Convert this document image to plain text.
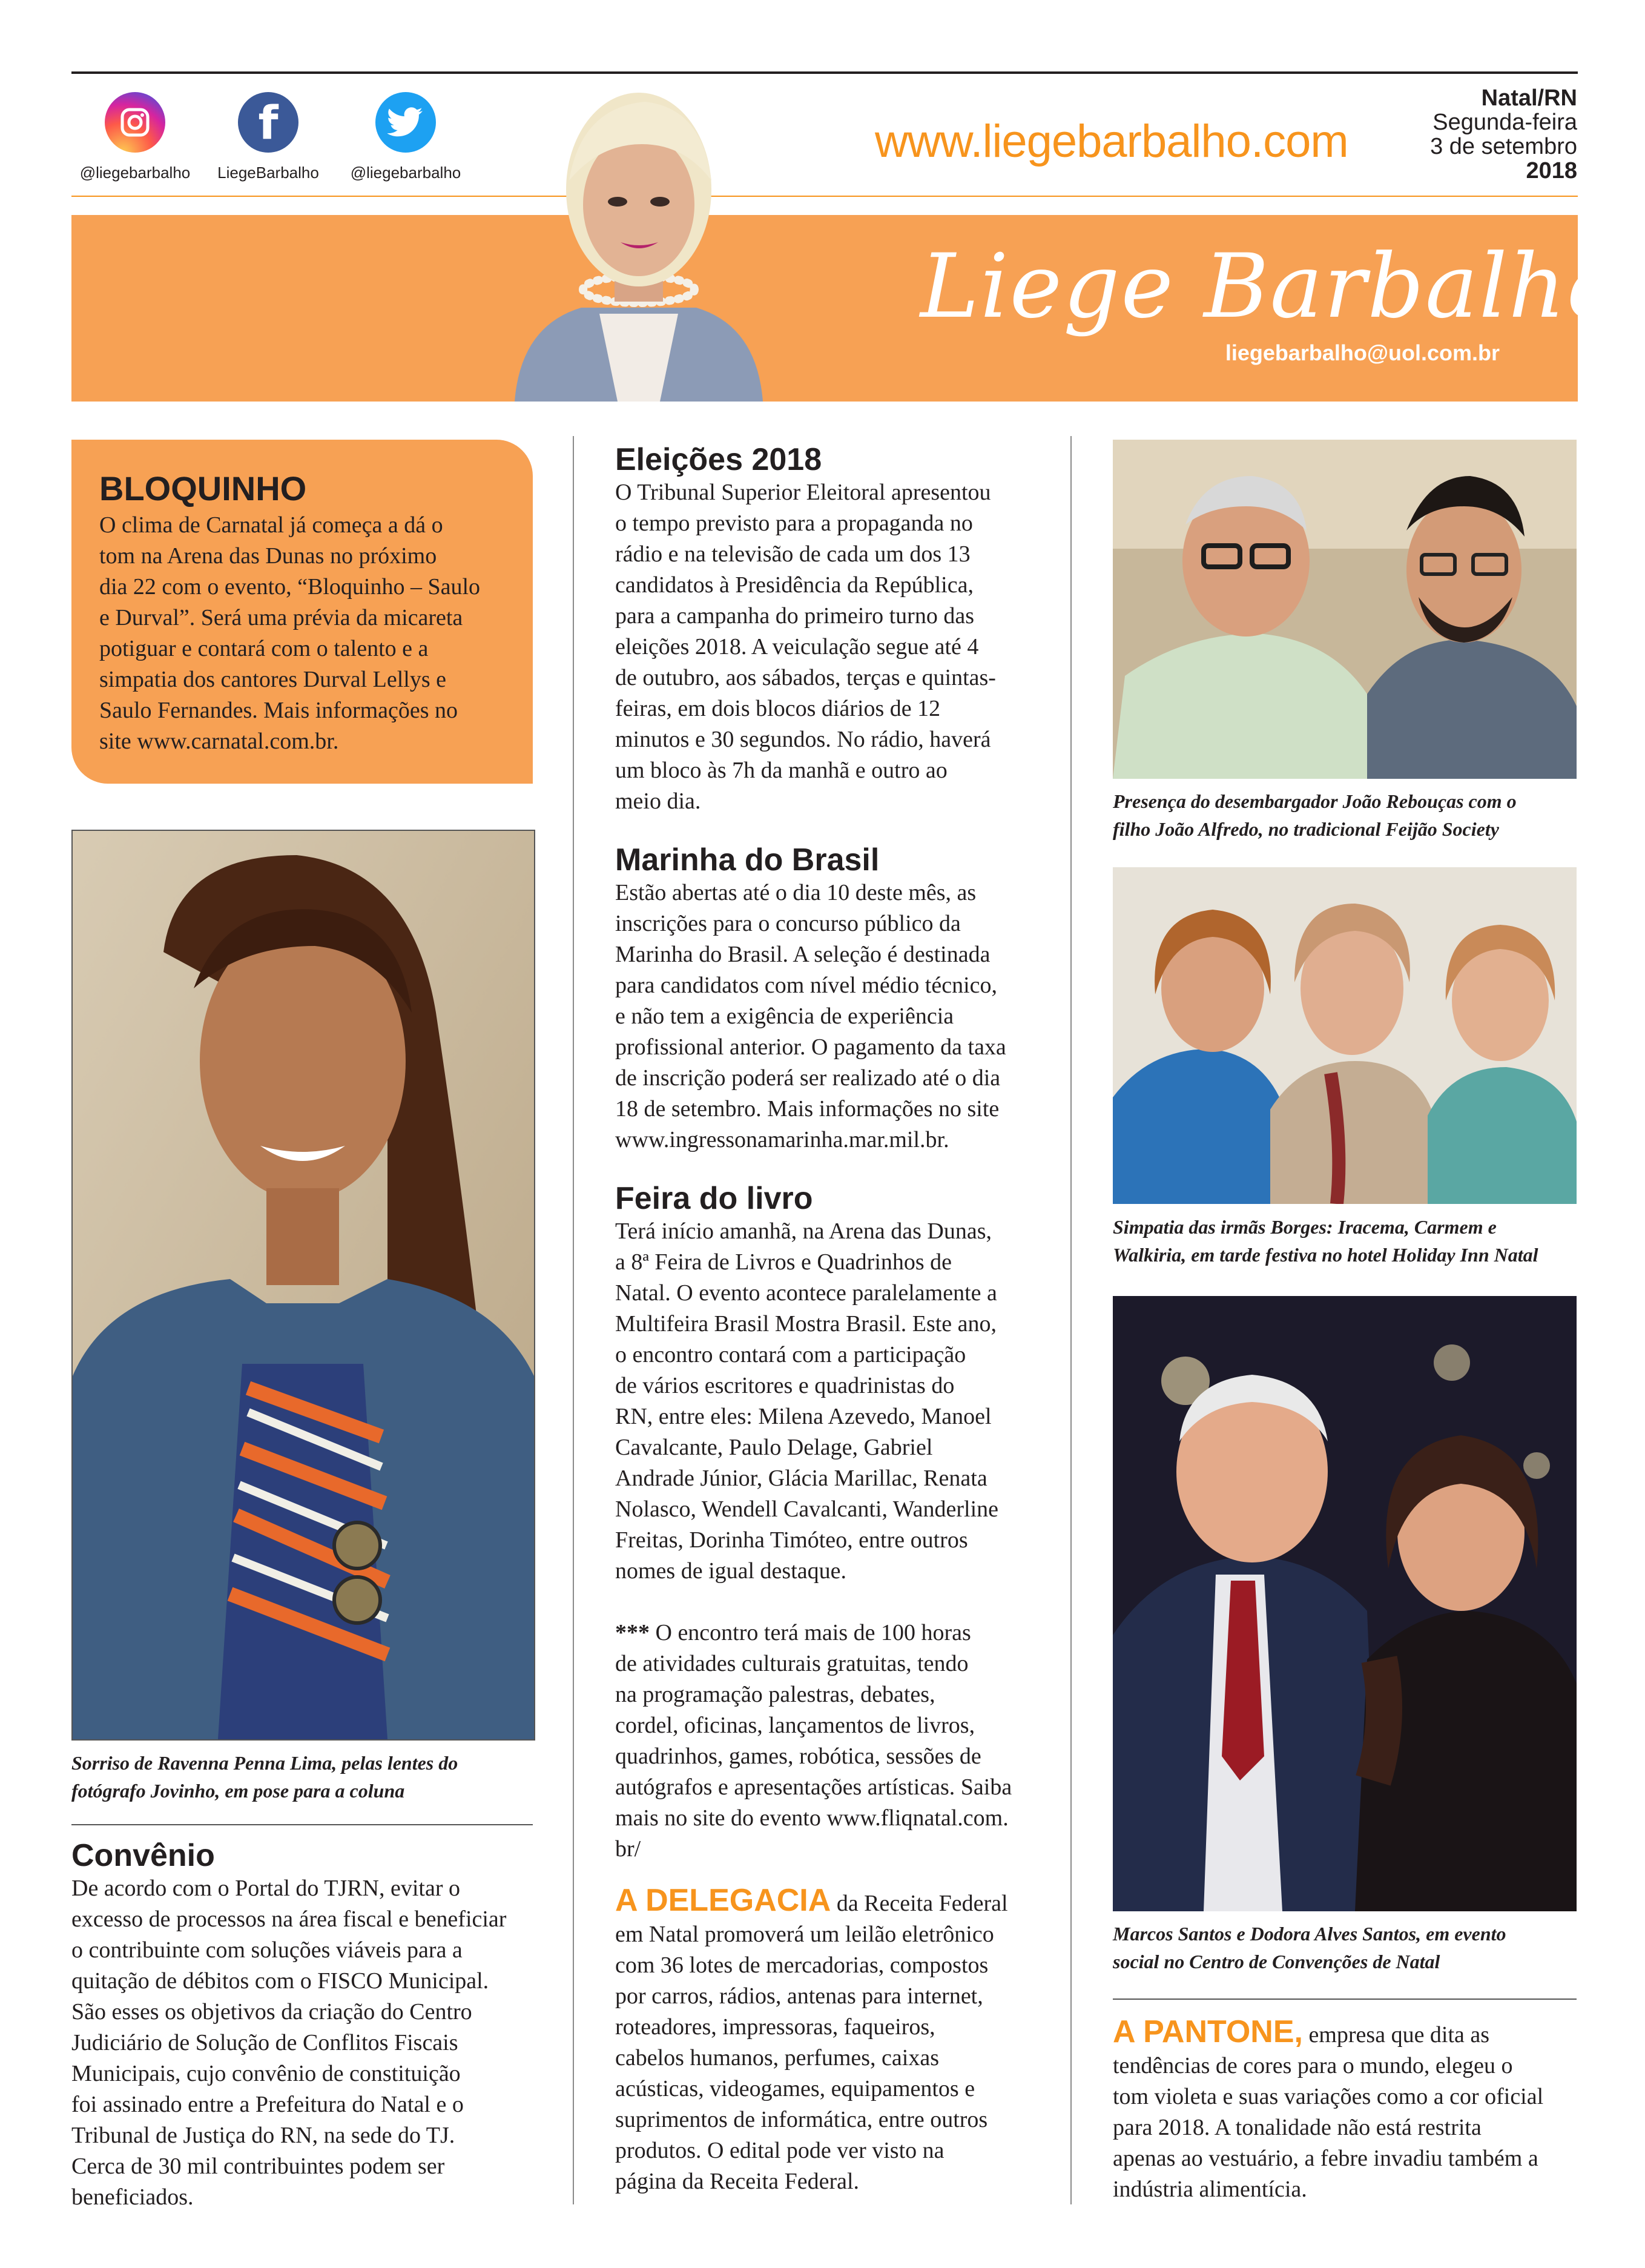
@liegebarbalho
f
LiegeBarbalho	@liegebarbalho
www.liegebarbalho.com
Natal/RN
Segunda-feira
3 de setembro
2018
Liege Barbalho
liegebarbalho@uol.com.br
BLOQUINHO
O clima de Carnatal já começa a dá o
tom na Arena das Dunas no próximo
dia 22 com o evento, “Bloquinho – Saulo
e Durval”. Será uma prévia da micareta
potiguar e contará com o talento e a
simpatia dos cantores Durval Lellys e
Saulo Fernandes. Mais informações no
site www.carnatal.com.br.
Sorriso de Ravenna Penna Lima, pelas lentes do
fotógrafo Jovinho, em pose para a coluna
Convênio
De acordo com o Portal do TJRN, evitar o
excesso de processos na área fiscal e beneficiar
o contribuinte com soluções viáveis para a
quitação de débitos com o FISCO Municipal.
São esses os objetivos da criação do Centro
Judiciário de Solução de Conflitos Fiscais
Municipais, cujo convênio de constituição
foi assinado entre a Prefeitura do Natal e o
Tribunal de Justiça do RN, na sede do TJ.
Cerca de 30 mil contribuintes podem ser
beneficiados.
Eleições 2018
O Tribunal Superior Eleitoral apresentou
o tempo previsto para a propaganda no
rádio e na televisão de cada um dos 13
candidatos à Presidência da República,
para a campanha do primeiro turno das
eleições 2018. A veiculação segue até 4
de outubro, aos sábados, terças e quintas-
feiras, em dois blocos diários de 12
minutos e 30 segundos. No rádio, haverá
um bloco às 7h da manhã e outro ao
meio dia.
Marinha do Brasil
Estão abertas até o dia 10 deste mês, as
inscrições para o concurso público da
Marinha do Brasil. A seleção é destinada
para candidatos com nível médio técnico,
e não tem a exigência de experiência
profissional anterior. O pagamento da taxa
de inscrição poderá ser realizado até o dia
18 de setembro. Mais informações no site
www.ingressonamarinha.mar.mil.br.
Feira do livro
Terá início amanhã, na Arena das Dunas,
a 8ª Feira de Livros e Quadrinhos de
Natal. O evento acontece paralelamente a
Multifeira Brasil Mostra Brasil. Este ano,
o encontro contará com a participação
de vários escritores e quadrinistas do
RN, entre eles: Milena Azevedo, Manoel
Cavalcante, Paulo Delage, Gabriel
Andrade Júnior, Glácia Marillac, Renata
Nolasco, Wendell Cavalcanti, Wanderline
Freitas, Dorinha Timóteo, entre outros
nomes de igual destaque.
*** O encontro terá mais de 100 horas
de atividades culturais gratuitas, tendo
na programação palestras, debates,
cordel, oficinas, lançamentos de livros,
quadrinhos, games, robótica, sessões de
autógrafos e apresentações artísticas. Saiba
mais no site do evento www.fliqnatal.com.
br/
A DELEGACIA da Receita Federal
em Natal promoverá um leilão eletrônico
com 36 lotes de mercadorias, compostos
por carros, rádios, antenas para internet,
roteadores, impressoras, faqueiros,
cabelos humanos, perfumes, caixas
acústicas, videogames, equipamentos e
suprimentos de informática, entre outros
produtos. O edital pode ver visto na
página da Receita Federal.
Presença do desembargador João Rebouças com o
filho João Alfredo, no tradicional Feijão Society
Simpatia das irmãs Borges: Iracema, Carmem e
Walkiria, em tarde festiva no hotel Holiday Inn Natal
Marcos Santos e Dodora Alves Santos, em evento
social no Centro de Convenções de Natal
A PANTONE, empresa que dita as
tendências de cores para o mundo, elegeu o
tom violeta e suas variações como a cor oficial
para 2018. A tonalidade não está restrita
apenas ao vestuário, a febre invadiu também a
indústria alimentícia.
